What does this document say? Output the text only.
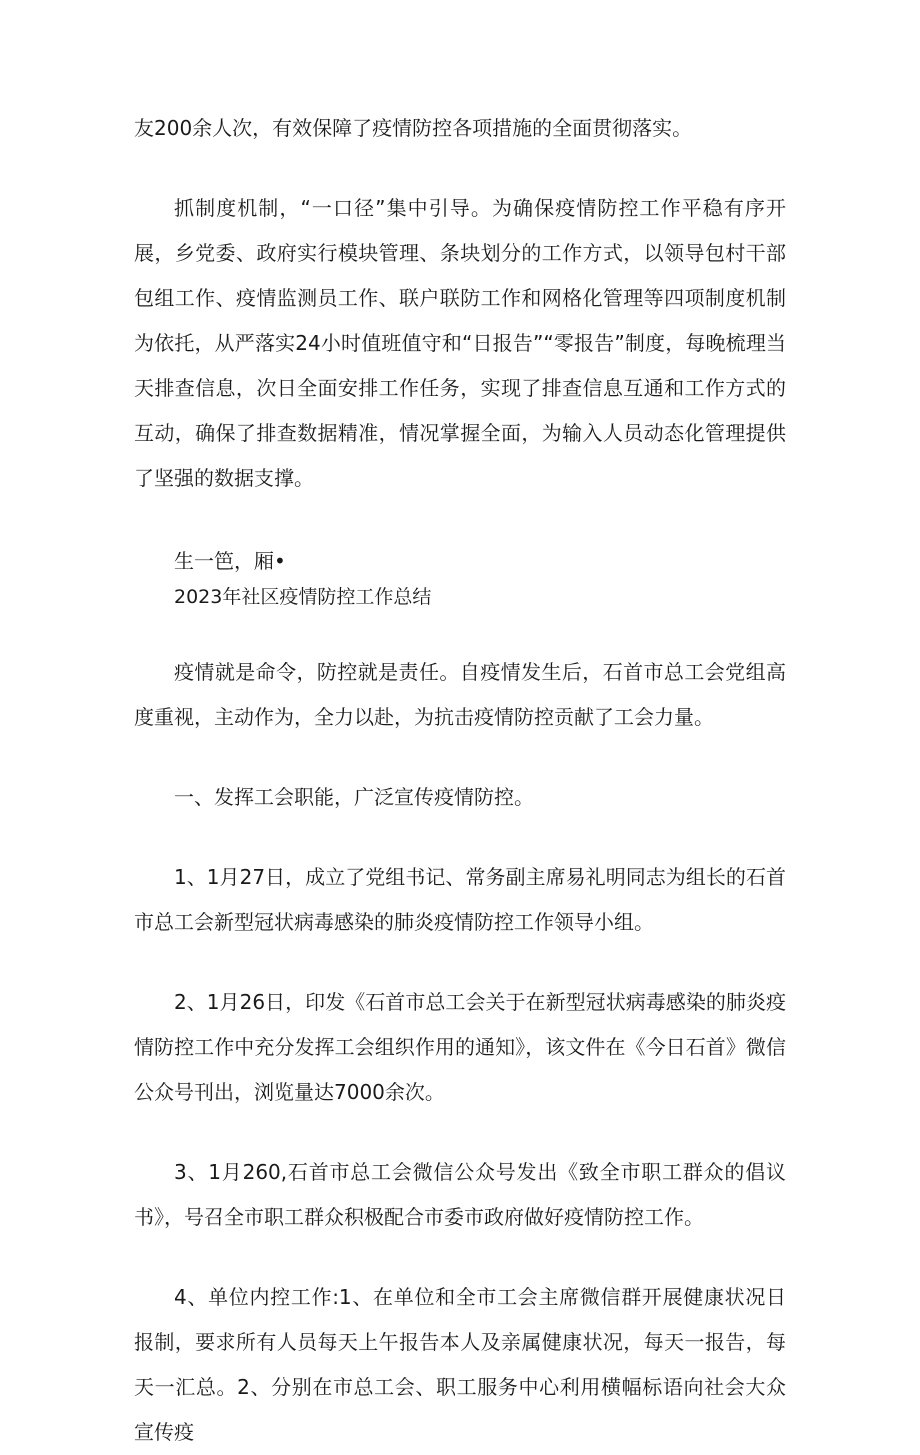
友200余人次，有效保障了疫情防控各项措施的全面贯彻落实。

抓制度机制，“一口径”集中引导。为确保疫情防控工作平稳有序开展，乡党委、政府实行模块管理、条块划分的工作方式，以领导包村干部包组工作、疫情监测员工作、联户联防工作和网格化管理等四项制度机制为依托，从严落实24小时值班值守和“日报告”“零报告”制度，每晚梳理当天排查信息，次日全面安排工作任务，实现了排查信息互通和工作方式的互动，确保了排查数据精准，情况掌握全面，为输入人员动态化管理提供了坚强的数据支撑。

生一笆，厢•

2023年社区疫情防控工作总结

疫情就是命令，防控就是责任。自疫情发生后，石首市总工会党组高度重视，主动作为，全力以赴，为抗击疫情防控贡献了工会力量。

一、发挥工会职能，广泛宣传疫情防控。

1、1月27日，成立了党组书记、常务副主席易礼明同志为组长的石首市总工会新型冠状病毒感染的肺炎疫情防控工作领导小组。

2、1月26日，印发《石首市总工会关于在新型冠状病毒感染的肺炎疫情防控工作中充分发挥工会组织作用的通知》，该文件在《今日石首》微信公众号刊出，浏览量达7000余次。

3、1月260,石首市总工会微信公众号发出《致全市职工群众的倡议书》，号召全市职工群众积极配合市委市政府做好疫情防控工作。

4、单位内控工作:1、在单位和全市工会主席微信群开展健康状况日报制，要求所有人员每天上午报告本人及亲属健康状况，每天一报告，每天一汇总。2、分别在市总工会、职工服务中心利用横幅标语向社会大众宣传疫
